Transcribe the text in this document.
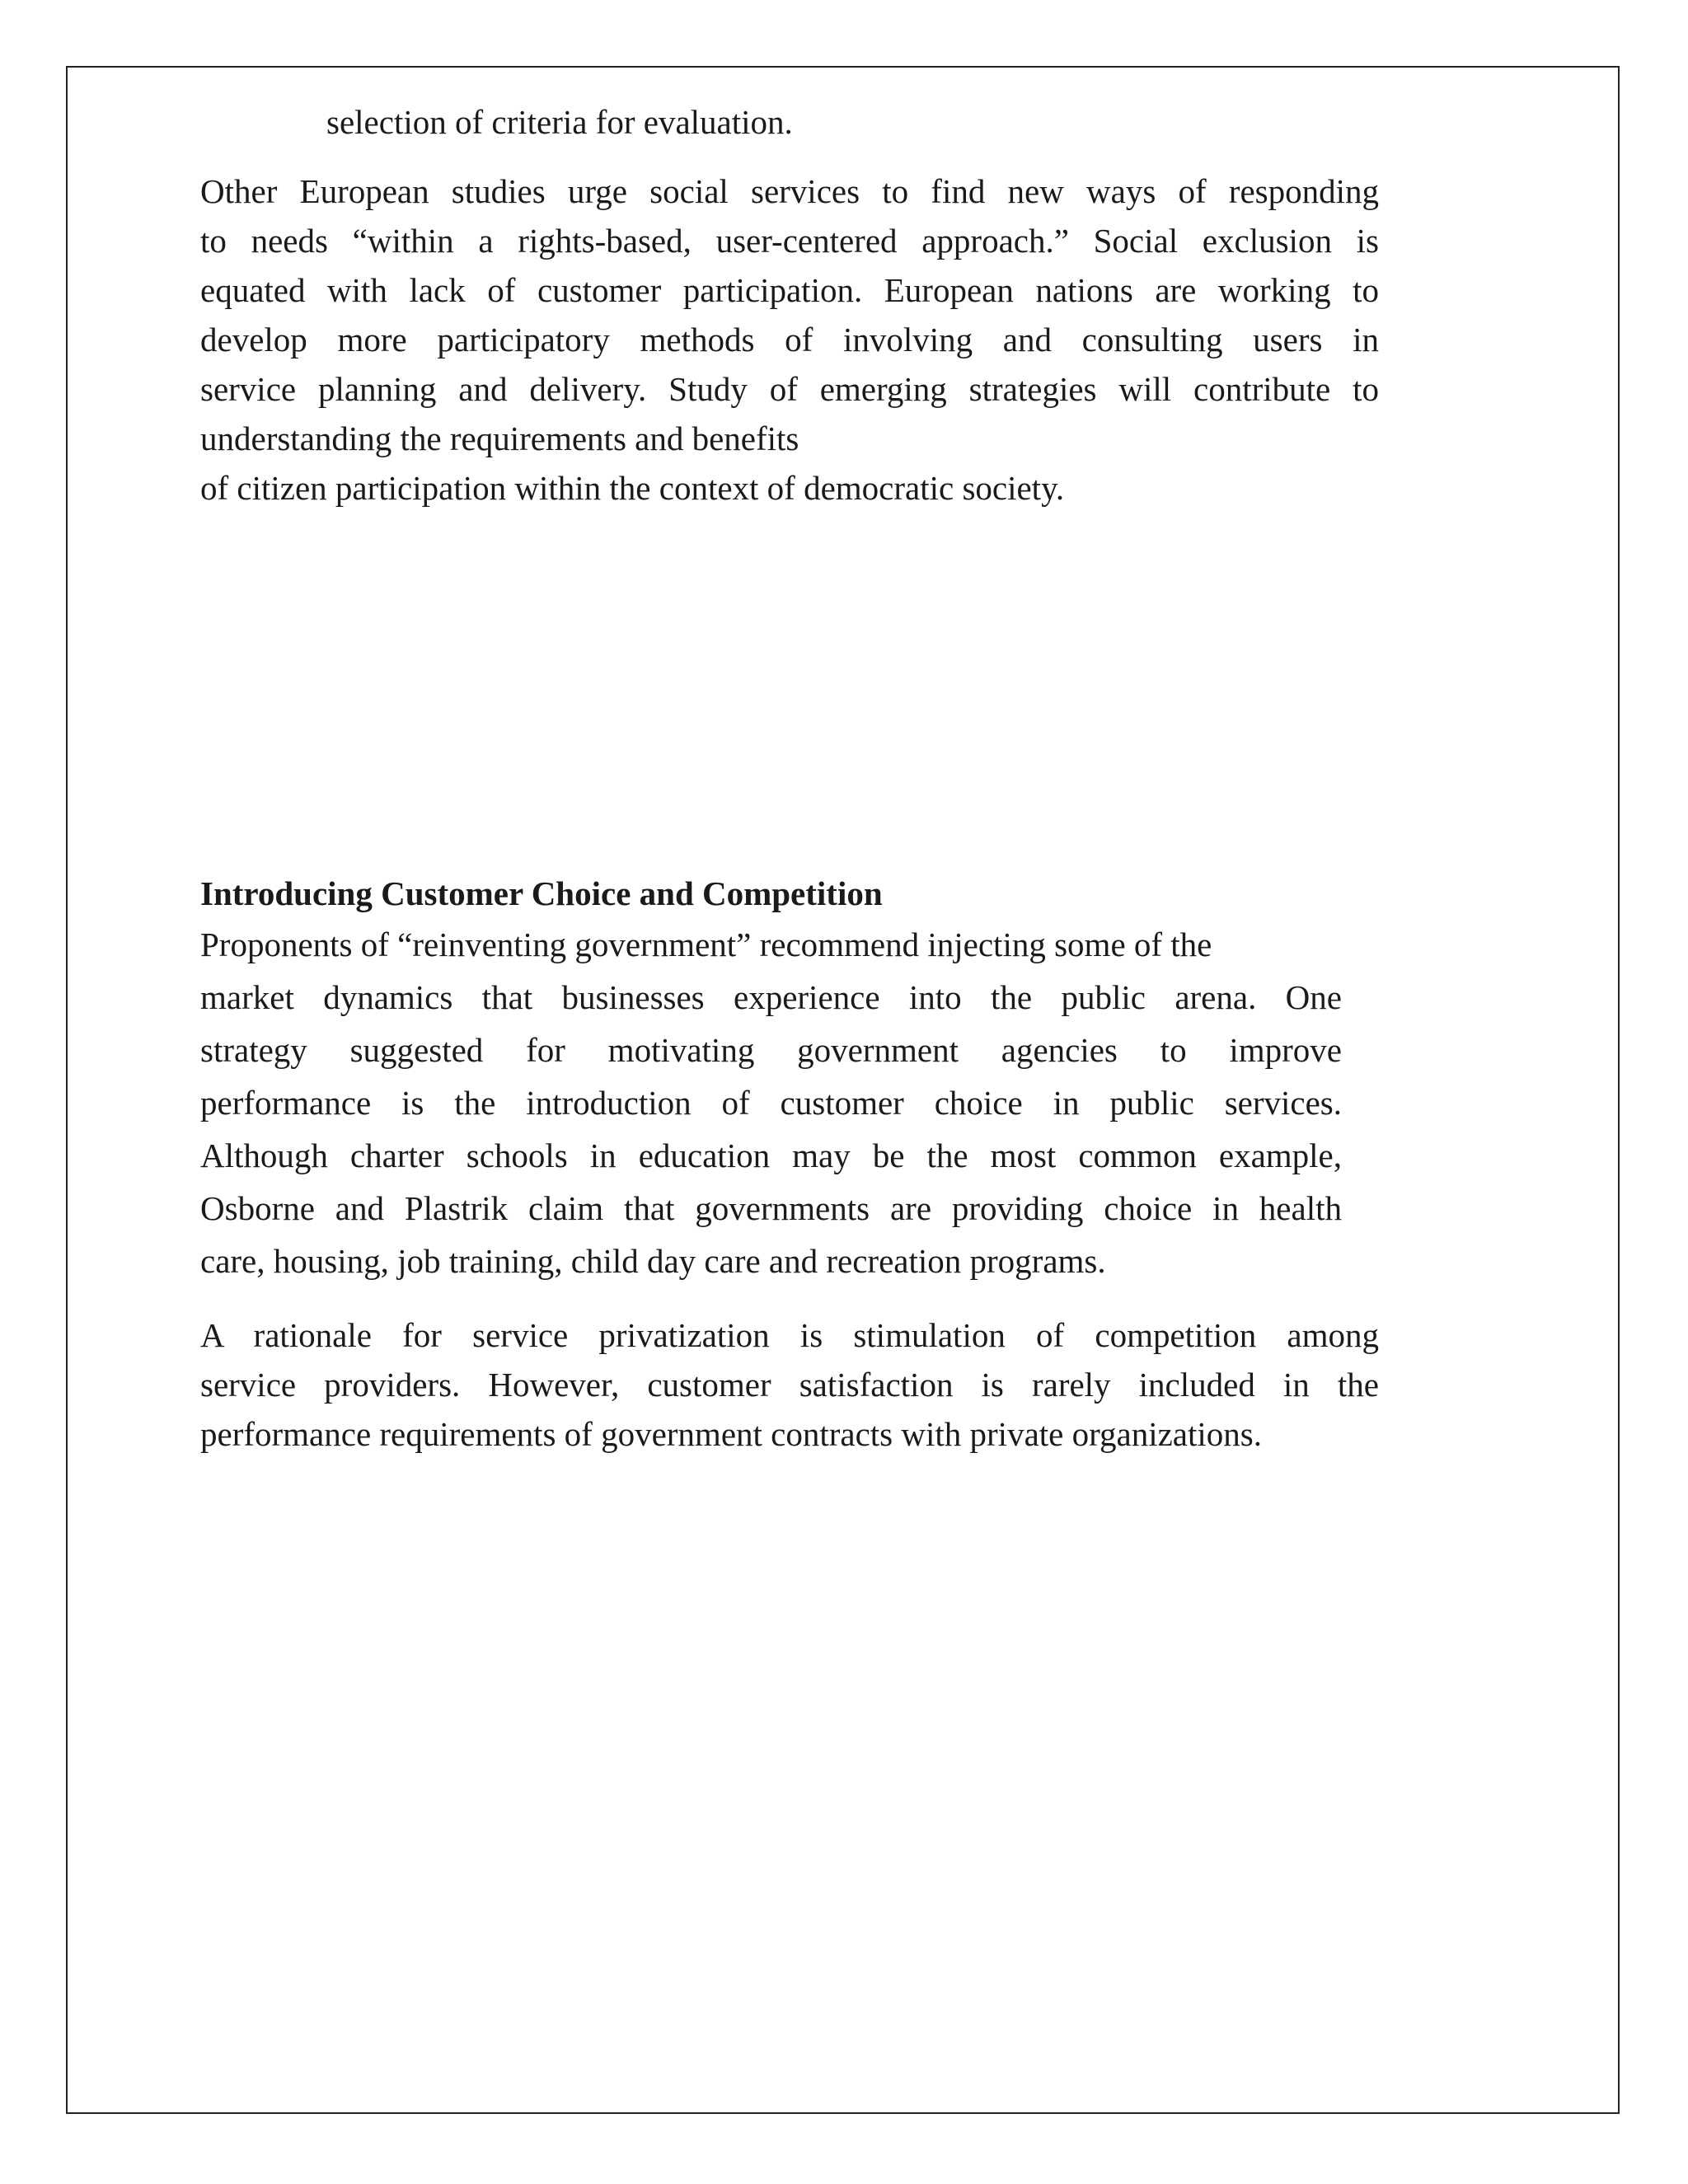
selection of criteria for evaluation.
Other European studies urge social services to find new ways of responding
to needs “within a rights-based, user-centered approach.” Social exclusion is
equated with lack of customer participation. European nations are working to
develop more participatory methods of involving and consulting users in
service planning and delivery. Study of emerging strategies will contribute to
understanding the requirements and benefits
of citizen participation within the context of democratic society.
Introducing Customer Choice and Competition
Proponents of “reinventing government” recommend injecting some of the
market dynamics that businesses experience into the public arena. One
strategy suggested for motivating government agencies to improve
performance is the introduction of customer choice in public services.
Although charter schools in education may be the most common example,
Osborne and Plastrik claim that governments are providing choice in health
care, housing, job training, child day care and recreation programs.
A rationale for service privatization is stimulation of competition among
service providers. However, customer satisfaction is rarely included in the
performance requirements of government contracts with private organizations.
